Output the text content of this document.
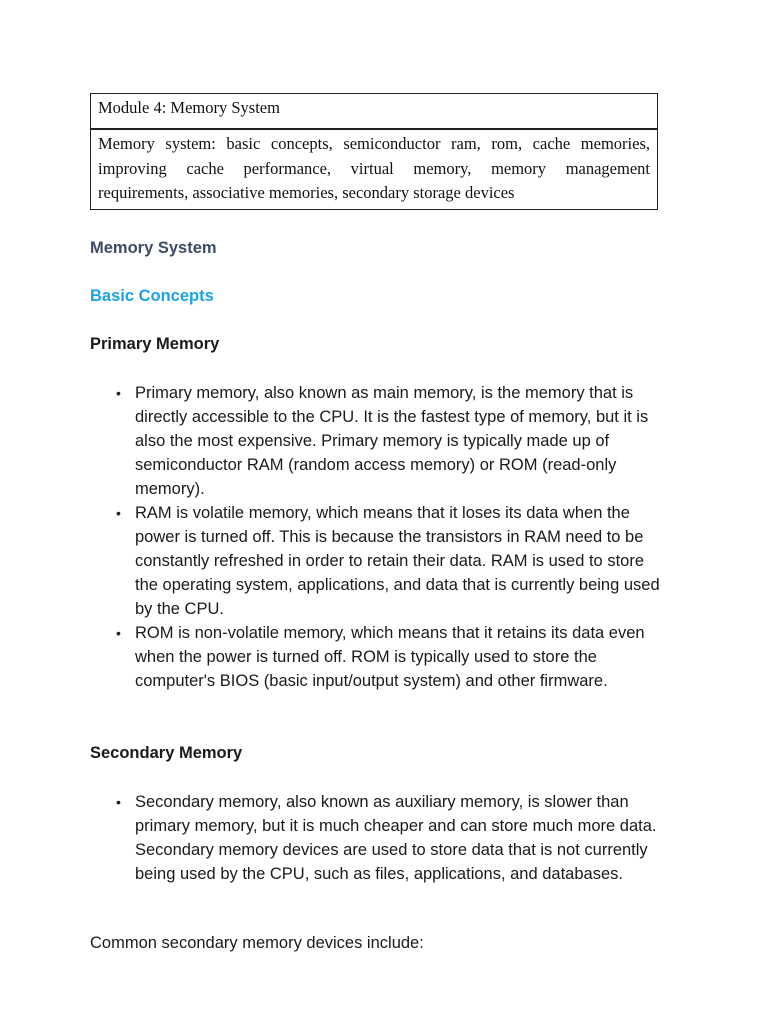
Module 4: Memory System
Memory system: basic concepts, semiconductor ram, rom, cache memories, improving cache performance, virtual memory, memory management requirements, associative memories, secondary storage devices
Memory System
Basic Concepts
Primary Memory
• Primary memory, also known as main memory, is the memory that is directly accessible to the CPU. It is the fastest type of memory, but it is also the most expensive. Primary memory is typically made up of semiconductor RAM (random access memory) or ROM (read-only memory).
• RAM is volatile memory, which means that it loses its data when the power is turned off. This is because the transistors in RAM need to be constantly refreshed in order to retain their data. RAM is used to store the operating system, applications, and data that is currently being used by the CPU.
• ROM is non-volatile memory, which means that it retains its data even when the power is turned off. ROM is typically used to store the computer's BIOS (basic input/output system) and other firmware.
Secondary Memory
• Secondary memory, also known as auxiliary memory, is slower than primary memory, but it is much cheaper and can store much more data. Secondary memory devices are used to store data that is not currently being used by the CPU, such as files, applications, and databases.
Common secondary memory devices include:
